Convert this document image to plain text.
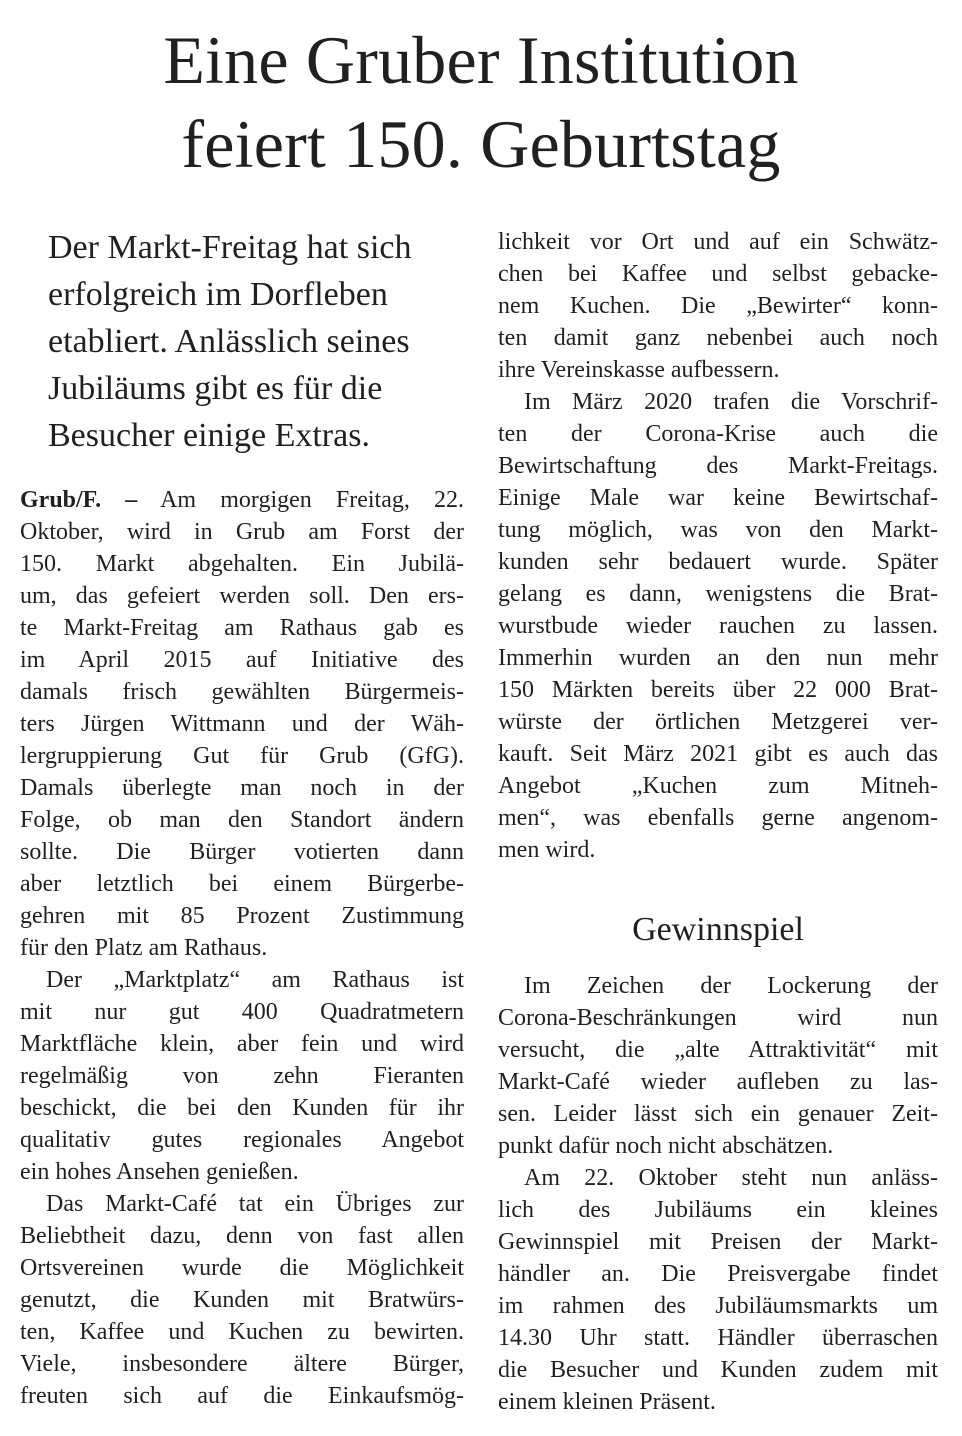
Eine Gruber Institution
feiert 150. Geburtstag

Der Markt-Freitag hat sich
erfolgreich im Dorfleben
etabliert. Anlässlich seines
Jubiläums gibt es für die
Besucher einige Extras.

Grub/F. – Am morgigen Freitag, 22.
Oktober, wird in Grub am Forst der
150. Markt abgehalten. Ein Jubilä-
um, das gefeiert werden soll. Den ers-
te Markt-Freitag am Rathaus gab es
im April 2015 auf Initiative des
damals frisch gewählten Bürgermeis-
ters Jürgen Wittmann und der Wäh-
lergruppierung Gut für Grub (GfG).
Damals überlegte man noch in der
Folge, ob man den Standort ändern
sollte. Die Bürger votierten dann
aber letztlich bei einem Bürgerbe-
gehren mit 85 Prozent Zustimmung
für den Platz am Rathaus.
Der „Marktplatz“ am Rathaus ist
mit nur gut 400 Quadratmetern
Marktfläche klein, aber fein und wird
regelmäßig von zehn Fieranten
beschickt, die bei den Kunden für ihr
qualitativ gutes regionales Angebot
ein hohes Ansehen genießen.
Das Markt-Café tat ein Übriges zur
Beliebtheit dazu, denn von fast allen
Ortsvereinen wurde die Möglichkeit
genutzt, die Kunden mit Bratwürs-
ten, Kaffee und Kuchen zu bewirten.
Viele, insbesondere ältere Bürger,
freuten sich auf die Einkaufsmög-
lichkeit vor Ort und auf ein Schwätz-
chen bei Kaffee und selbst gebacke-
nem Kuchen. Die „Bewirter“ konn-
ten damit ganz nebenbei auch noch
ihre Vereinskasse aufbessern.
Im März 2020 trafen die Vorschrif-
ten der Corona-Krise auch die
Bewirtschaftung des Markt-Freitags.
Einige Male war keine Bewirtschaf-
tung möglich, was von den Markt-
kunden sehr bedauert wurde. Später
gelang es dann, wenigstens die Brat-
wurstbude wieder rauchen zu lassen.
Immerhin wurden an den nun mehr
150 Märkten bereits über 22 000 Brat-
würste der örtlichen Metzgerei ver-
kauft. Seit März 2021 gibt es auch das
Angebot „Kuchen zum Mitneh-
men“, was ebenfalls gerne angenom-
men wird.
Gewinnspiel
Im Zeichen der Lockerung der
Corona-Beschränkungen wird nun
versucht, die „alte Attraktivität“ mit
Markt-Café wieder aufleben zu las-
sen. Leider lässt sich ein genauer Zeit-
punkt dafür noch nicht abschätzen.
Am 22. Oktober steht nun anläss-
lich des Jubiläums ein kleines
Gewinnspiel mit Preisen der Markt-
händler an. Die Preisvergabe findet
im rahmen des Jubiläumsmarkts um
14.30 Uhr statt. Händler überraschen
die Besucher und Kunden zudem mit
einem kleinen Präsent.
